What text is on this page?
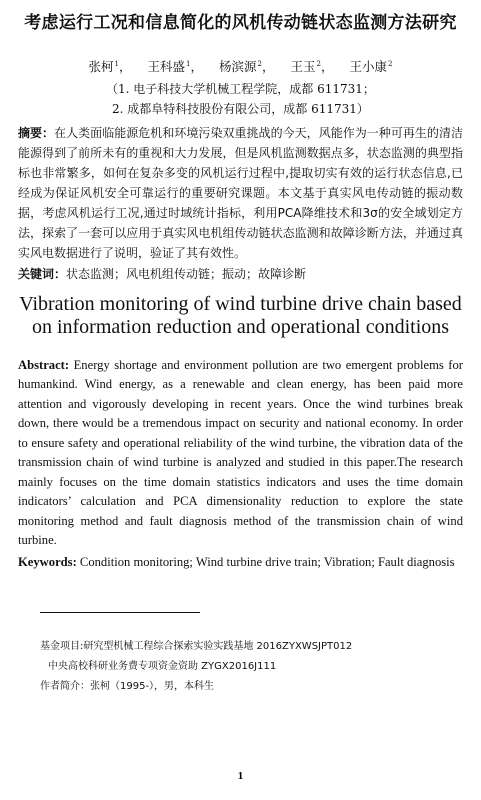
考虑运行工况和信息简化的风机传动链状态监测方法研究
张柯$^1$， 王科盛$^1$， 杨滨源$^2$， 王玉$^2$， 王小康$^2$
（1. 电子科技大学机械工程学院，成都 611731；
2. 成都阜特科技股份有限公司，成都 611731）
摘要：在人类面临能源危机和环境污染双重挑战的今天，风能作为一种可再生的清洁能源得到了前所未有的重视和大力发展，但是风机监测数据点多，状态监测的典型指标也非常繁多，如何在复杂多变的风机运行过程中,提取切实有效的运行状态信息,已经成为保证风机安全可靠运行的重要研究课题。本文基于真实风电传动链的振动数据，考虑风机运行工况,通过时域统计指标，利用PCA降维技术和3σ的安全域划定方法，探索了一套可以应用于真实风电机组传动链状态监测和故障诊断方法，并通过真实风电数据进行了说明，验证了其有效性。
关键词：状态监测；风电机组传动链；振动；故障诊断
Vibration monitoring of wind turbine drive chain based on information reduction and operational conditions
Abstract: Energy shortage and environment pollution are two emergent problems for humankind. Wind energy, as a renewable and clean energy, has been paid more attention and vigorously developing in recent years. Once the wind turbines break down, there would be a tremendous impact on security and national economy. In order to ensure safety and operational reliability of the wind turbine, the vibration data of the transmission chain of wind turbine is analyzed and studied in this paper.The research mainly focuses on the time domain statistics indicators and uses the time domain indicators’ calculation and PCA dimensionality reduction to explore the state monitoring method and fault diagnosis method of the transmission chain of wind turbine.
Keywords: Condition monitoring; Wind turbine drive train; Vibration; Fault diagnosis
基金项目:研究型机械工程综合探索实验实践基地 2016ZYXWSJPT012
中央高校科研业务费专项资金资助 ZYGX2016J111
作者简介：张柯（1995-），男，本科生
1
